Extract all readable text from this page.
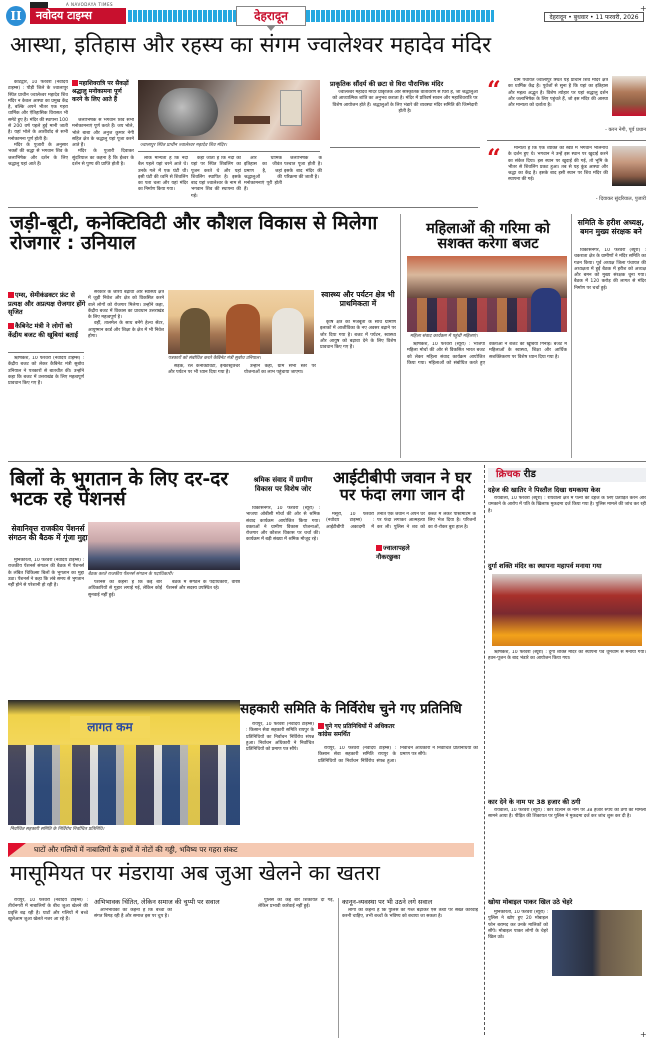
II	नवोदय टाइम्स
A NAVODAYA TIMES
देहरादून	देहरादून • बुधवार • 11 फरवरी, 2026
+
आस्था, इतिहास और रहस्य का संगम ज्वालेश्वर महादेव मंदिर

कोटद्वार, 10 फरवरी (नवोदय टाइम्स) : पौड़ी जिले के ज्वालापुर स्थित प्राचीन ज्वालेश्वर महादेव शिव मंदिर न केवल आस्था का प्रमुख केंद्र है, बल्कि अपने भीतर एक गहरा धार्मिक और ऐतिहासिक विरासत भी समेटे हुए है। मंदिर की स्थापना 100 से 200 वर्ष पहले हुई मानी जाती है। यहां भोले के आशीर्वाद से सभी मनोकामना पूर्ण होती हैं।

मंदिर के पुजारी के अनुसार भक्तों की श्रद्धा से भगवान शिव के जलाभिषेक और दर्शन के लिए श्रद्धालु यहां आते हैं।

महाशिवरात्रि पर सैकड़ों श्रद्धालु मनोकामना पूर्ण करने के लिए आते हैं

जलाभिषेक से भगवान शिव सभी मनोकामनाएं पूर्ण करते हैं। जय भोले, भोले बाबा और अनुज कुमार नेगी सहित क्षेत्र के श्रद्धालु यहां पूजा करने आते हैं।

मंदिर के पुजारी दिवाकर सुंदरियाल का कहना है कि ईश्वर के दर्शन से पुण्य की प्राप्ति होती है।

ज्वालापुर स्थित प्राचीन ज्वालेश्वर महादेव शिव मंदिर।

लोक मान्यता है कि नंदी बैल पहले यहां चरने आते थे। उनके गले में एक घंटी थी। इसी घंटी की ध्वनि से शिवलिंग का पता चला और यहां मंदिर का निर्माण किया गया।

कहा जाता है कि नंदी का यहां पर स्थित शिवलिंग का पूजन करते थे और यहां शिवलिंग स्थापित है। इसके बाद यहां ज्वालेश्वर के नाम से भगवान शिव की स्थापना की गई।

और धार्मिक इतिहास का जीवंत प्रमाण है, जहां श्रद्धालुओं की मनोकामनाएं पूरी होती हैं।

जलाभिषेक के पश्चात पूजा होती है। इसके बाद मंदिर की परिक्रमा की जाती है।

प्राकृतिक सौंदर्य की छटा से घिरा पौराणिक मंदिर

ज्वालेश्वर महादेव मंदिर प्राकृतिक और सांस्कृतिक वातावरण से घिरा है, जो श्रद्धालुओं को आध्यात्मिक शांति का अनुभव कराता है। मंदिर में प्रतिवर्ष सावन और महाशिवरात्रि पर विशेष आयोजन होते हैं। श्रद्धालुओं के लिए भंडारे की व्यवस्था मंदिर समिति की जिम्मेदारी होती है।

“	ग्राम पंचायत ज्वालापुर स्थित यह प्राचीन शिव मंदिर क्षेत्र का धार्मिक केंद्र है। पूर्वजों से सुना है कि यहां का इतिहास और महत्व अद्भुत है। विशेष त्योहार पर यहां श्रद्धालु दर्शन और जलाभिषेक के लिए पहुंचते हैं, जो इस मंदिर की आस्था और मान्यता को दर्शाता है।

- करन नेगी, पूर्व प्रधान
“	मान्यता है कि एक व्यक्ति को स्वप्न में भगवान भोलेनाथ के दर्शन हुए थे। भगवान ने उन्हें इस स्थान पर खुदाई करने का संकेत दिया। इस स्थान पर खुदाई की गई, तो भूमि के भीतर से शिवलिंग प्रकट हुआ। तब से यह कुंड आस्था और श्रद्धा का केंद्र है। इसके बाद इसी स्थान पर शिव मंदिर की स्थापना की गई।

- दिवाकर सुंदरियाल, पुजारी
जड़ी-बूटी, कनेक्टिविटी और कौशल विकास से मिलेगा रोजगार : उनियाल
एम्स, सेमीकंडक्टर फ्रंट से प्रत्यक्ष और अप्रत्यक्ष रोजगार होंगे सृजित
कैबिनेट मंत्री ने लोगों को केंद्रीय बजट की खूबियां बताईं

ऋषिकेश, 10 फरवरी (नवोदय टाइम्स) : केंद्रीय बजट को लेकर कैबिनेट मंत्री सुबोध उनियाल ने पत्रकारों से बातचीत की। उन्होंने कहा कि बजट में उत्तराखंड के लिए महत्वपूर्ण प्रावधान किए गए हैं।

सरकार के जरिये बढ़ावा और स्वास्थ्य क्षेत्र में जुड़ी निवेश और क्षेत्र को विकसित करने वाले लोगों को रोजगार मिलेगा। उन्होंने कहा, केंद्रीय बजट में विकास का प्रावधान उत्तराखंड के लिए महत्वपूर्ण है।

वहीं, तालमेल के साथ बनेंगे हेल्थ सेंटर, आयुष्मान कार्ड और शिक्षा के क्षेत्र में भी निवेश होगा।

पत्रकारों को संबोधित करते कैबिनेट मंत्री सुबोध उनियाल।

सड़क, रेल कनेक्टिविटी, इन्फ्रास्ट्रक्चर और पर्यटन पर भी ध्यान दिया गया है।

उन्होंने कहा, ग्राम सभा स्तर पर योजनाओं का लाभ पहुंचाया जाएगा।

स्वास्थ्य और पर्यटन क्षेत्र भी प्राथमिकता में

कृषि क्षेत्र की मजबूती के साथ ग्रामीण इलाकों में आजीविका के नए अवसर बढ़ाने पर जोर दिया गया है। बजट में पर्यटन, स्वास्थ्य और आयुष को बढ़ावा देने के लिए विशेष प्रावधान किए गए हैं।

महिलाओं की गरिमा को सशक्त करेगा बजट
महिला संवाद कार्यक्रम में पहुंची महिलाएं।

ऋषिकेश, 10 फरवरी (ब्यूरो) : भाजपा महिला मोर्चा की ओर से विकसित भारत बजट को लेकर महिला संवाद कार्यक्रम आयोजित किया गया। महिलाओं को संबोधित करते हुए वक्ताओं ने बजट की खूबियां गिनाईं। बजट में महिलाओं के स्वास्थ्य, शिक्षा और आर्थिक सशक्तिकरण पर विशेष ध्यान दिया गया है।

समिति के हरीश अध्यक्ष, बमन मुख्य संरक्षक बने

विकासनगर, 10 फरवरी (ब्यूरो) : चकराता क्षेत्र के ग्रामीणों ने मंदिर समिति का गठन किया। पूर्व अध्यक्ष जिला पंचायत की अध्यक्षता में हुई बैठक में हरीश को अध्यक्ष और बमन को मुख्य संरक्षक चुना गया। बैठक में 120 करोड़ की लागत से मंदिर निर्माण पर चर्चा हुई।

बिलों के भुगतान के लिए दर-दर भटक रहे पेंशनर्स
सेवानिवृत्त राजकीय पेंशनर्स संगठन की बैठक में गूंजा मुद्दा
बैठक करते राजकीय पेंशनर्स संगठन के पदाधिकारी।

मुनिकीरेती, 10 फरवरी (नवोदय टाइम्स) : राजकीय पेंशनर्स संगठन की बैठक में पेंशनर्स के लंबित चिकित्सा बिलों के भुगतान का मुद्दा उठा। पेंशनर्स ने कहा कि लंबे समय से भुगतान नहीं होने से परेशानी हो रही है।

पेंशनर्स का कहना है कि कई बार अधिकारियों से गुहार लगाई गई, लेकिन कोई सुनवाई नहीं हुई।

बैठक में संगठन के पदाधिकारी, वरिष्ठ पेंशनर्स और सदस्य उपस्थित रहे।

लागत कम
निर्वाचित सहकारी समिति के निर्विरोध निर्वाचित प्रतिनिधि।
श्रमिक संवाद में ग्रामीण विकास पर विशेष जोर

विकासनगर, 10 फरवरी (ब्यूरो) : भाजपा ओबीसी मोर्चा की ओर से श्रमिक संवाद कार्यक्रम आयोजित किया गया। वक्ताओं ने ग्रामीण विकास योजनाओं, रोजगार और कौशल विकास पर चर्चा की। कार्यक्रम में बड़ी संख्या में श्रमिक मौजूद रहे।

आईटीबीपी जवान ने घर पर फंदा लगा जान दी

मसूरी, 10 फरवरी (नवोदय टाइम्स) : आईटीबीपी अकादमी में तैनात एक जवान ने अपने घर पर फंदा लगाकर आत्महत्या कर ली। पुलिस ने शव को कब्जे में लेकर पोस्टमार्टम के लिए भेज दिया है। परिजनों का रो-रोकर बुरा हाल है।

ज्वालापहले नौकरछुका
क्रिचक रीड
दहेज की खातिर ने पिस्तौल दिखा धमकाया केस

रायवाला, 10 फरवरी (ब्यूरो) : रायवाला क्षेत्र में पत्नी को दहेज के लिए प्रताड़ित करने और धमकाने के आरोप में पति के खिलाफ मुकदमा दर्ज किया गया है। पुलिस मामले की जांच कर रही है।

दुर्गा शक्ति मंदिर का स्थापना महापर्व मनाया गया

ऋषिकेश, 10 फरवरी (ब्यूरो) : दुर्गा शक्ति मंदिर का स्थापना पर्व धूमधाम से मनाया गया। हवन-पूजन के बाद भंडारे का आयोजन किया गया।

कार देने के नाम पर 38 हजार की ठगी

रायवाला, 10 फरवरी (ब्यूरो) : कार दिलाने के नाम पर 38 हजार रुपये की ठगी का मामला सामने आया है। पीड़ित की शिकायत पर पुलिस ने मुकदमा दर्ज कर जांच शुरू कर दी है।

खोया मोबाइल पाकर खिल उठे चेहरे

मुनिकीरेती, 10 फरवरी (ब्यूरो) : पुलिस ने खोए हुए 20 मोबाइल फोन बरामद कर उनके मालिकों को सौंपे। मोबाइल पाकर लोगों के चेहरे खिल उठे।

सहकारी समिति के निर्विरोध चुने गए प्रतिनिधि

रायपुर, 10 फरवरी (नवोदय टाइम्स) : किसान सेवा सहकारी समिति रायपुर के प्रतिनिधियों का निर्वाचन निर्विरोध संपन्न हुआ। निर्वाचन अधिकारी ने निर्वाचित प्रतिनिधियों को प्रमाण पत्र सौंपे।

चुने गए प्रतिनिधियों में अधिकतर कांग्रेस समर्थित

रायपुर, 10 फरवरी (नवोदय टाइम्स) : किसान सेवा सहकारी समिति रायपुर के प्रतिनिधियों का निर्वाचन निर्विरोध संपन्न हुआ। निर्वाचन अधिकारी ने निर्वाचित प्रतिनिधियों को प्रमाण पत्र सौंपे।

घाटों और गलियों में नाबालिगों के हाथों में नोटों की गड्डी, भविष्य पर गहरा संकट
मासूमियत पर मंडराया अब जुआ खेलने का खतरा

रायपुर, 10 फरवरी (नवोदय टाइम्स) : तीर्थनगरी में नाबालिगों के बीच जुआ खेलने की प्रवृत्ति बढ़ रही है। घाटों और गलियों में बच्चे खुलेआम जुआ खेलते नजर आ रहे हैं।

अभिभावक चिंतित, लेकिन समाज की चुप्पी पर सवाल

अभिभावकों का कहना है कि बच्चों की संगत बिगड़ रही है और समाज इस पर चुप है।

पुलिस को कई बार शिकायत दी गई, लेकिन प्रभावी कार्रवाई नहीं हुई।

कानून-व्यवस्था पर भी उठने लगे सवाल

लोगों का कहना है कि पुलिस को गश्त बढ़ाकर ऐसे तत्वों पर सख्त कार्रवाई करनी चाहिए, तभी बच्चों के भविष्य को बचाया जा सकता है।

+
